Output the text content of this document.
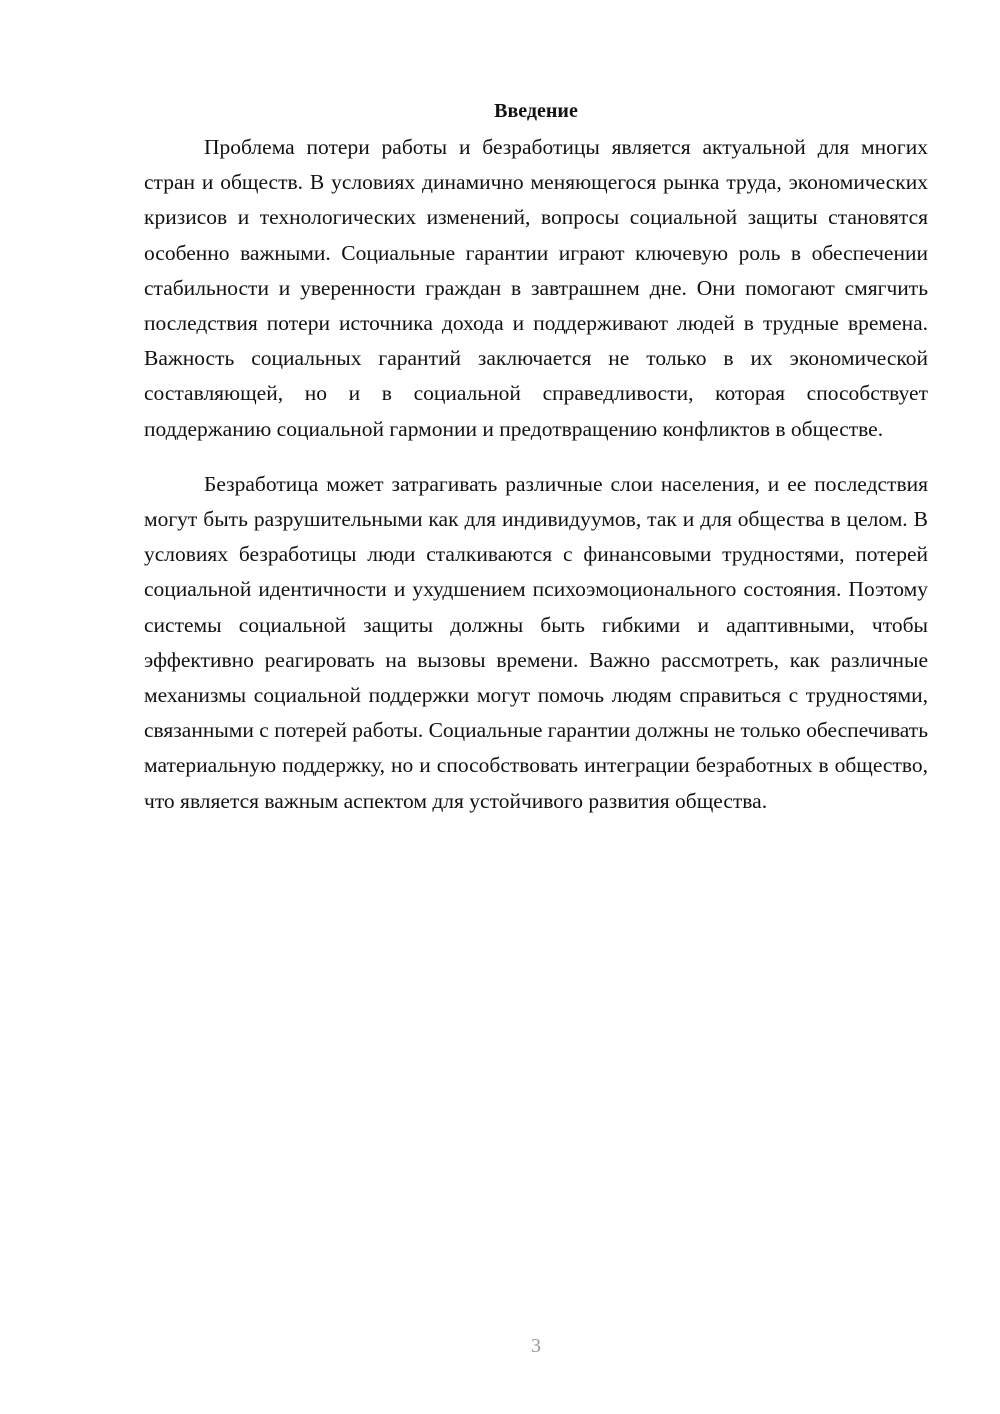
Введение

Проблема потери работы и безработицы является актуальной для многих стран и обществ. В условиях динамично меняющегося рынка труда, экономических кризисов и технологических изменений, вопросы социальной защиты становятся особенно важными. Социальные гарантии играют ключевую роль в обеспечении стабильности и уверенности граждан в завтрашнем дне. Они помогают смягчить последствия потери источника дохода и поддерживают людей в трудные времена. Важность социальных гарантий заключается не только в их экономической составляющей, но и в социальной справедливости, которая способствует поддержанию социальной гармонии и предотвращению конфликтов в обществе.

Безработица может затрагивать различные слои населения, и ее последствия могут быть разрушительными как для индивидуумов, так и для общества в целом. В условиях безработицы люди сталкиваются с финансовыми трудностями, потерей социальной идентичности и ухудшением психоэмоционального состояния. Поэтому системы социальной защиты должны быть гибкими и адаптивными, чтобы эффективно реагировать на вызовы времени. Важно рассмотреть, как различные механизмы социальной поддержки могут помочь людям справиться с трудностями, связанными с потерей работы. Социальные гарантии должны не только обеспечивать материальную поддержку, но и способствовать интеграции безработных в общество, что является важным аспектом для устойчивого развития общества.

3
